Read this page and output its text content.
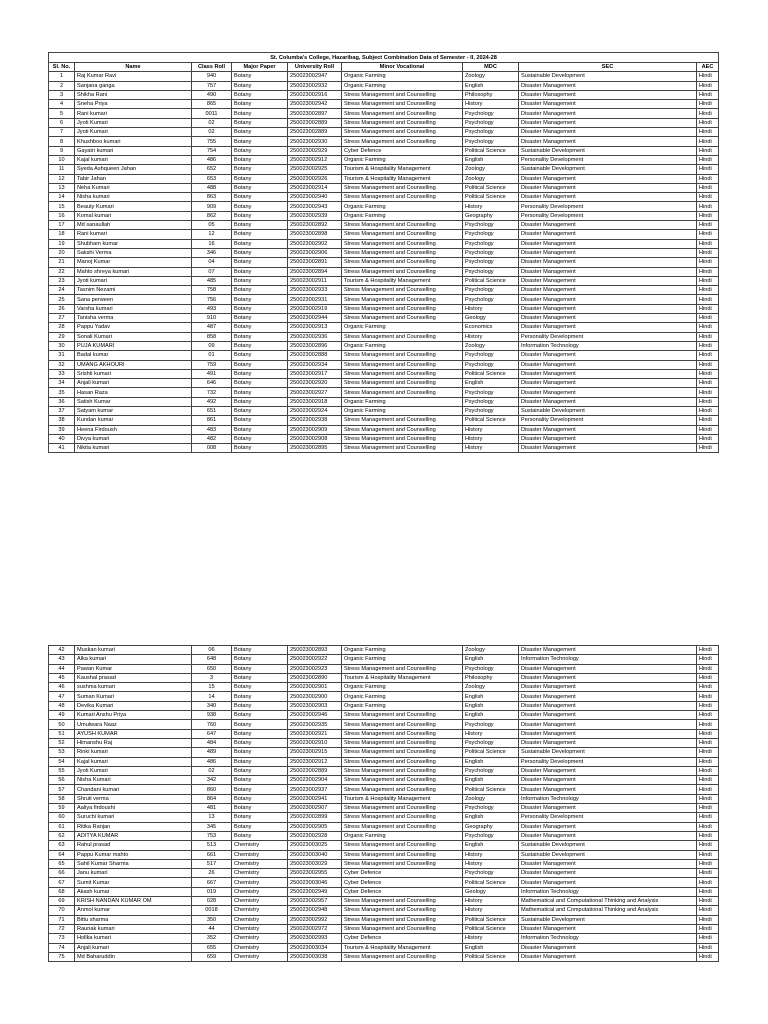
St. Columba's College, Hazaribag, Subject Combination Data of Semester - II, 2024-28								
Sl. No.	Name	Class Roll	Major Paper	University Roll	Minor Vocational	MDC	SEC	AEC
1	Raj Kumar Ravi	940	Botany	250023002947	Organic Farming	Zoology	Sustainable Development	Hindi
2	Sanjana ganga	757	Botany	250023002932	Organic Farming	English	Disaster Management	Hindi
3	Shikha Rani	490	Botany	250023002916	Stress Management and Counselling	Philosophy	Disaster Management	Hindi
4	Sneha Priya	865	Botany	250023002942	Stress Management and Counselling	History	Disaster Management	Hindi
5	Rani kumari	0011	Botany	250023002897	Stress Management and Counselling	Psychology	Disaster Management	Hindi
6	Jyoti Kumari	02	Botany	250023002889	Stress Management and Counselling	Psychology	Disaster Management	Hindi
7	Jyoti Kumari	02	Botany	250023002889	Stress Management and Counselling	Psychology	Disaster Management	Hindi
8	Khushboo kumari	755	Botany	250023002930	Stress Management and Counselling	Psychology	Disaster Management	Hindi
9	Gayatri kumari	754	Botany	250023002929	Cyber Defence	Political Science	Sustainable Development	Hindi
10	Kajal kumari	486	Botany	250023002912	Organic Farming	English	Personality Development	Hindi
11	Syeda Ashqueen Jahan	652	Botany	250023002925	Tourism & Hospitality Management	Zoology	Sustainable Development	Hindi
12	Tabir Jahan	653	Botany	250023002926	Tourism & Hospitality Management	Zoology	Disaster Management	Hindi
13	Neha Kumari	488	Botany	250023002914	Stress Management and Counselling	Political Science	Disaster Management	Hindi
14	Nisha kumari	863	Botany	250023002940	Stress Management and Counselling	Political Science	Disaster Management	Hindi
15	Beauty Kumari	909	Botany	250023002943	Organic Farming	History	Personality Development	Hindi
16	Komal kumari	862	Botany	250023002939	Organic Farming	Geography	Personality Development	Hindi
17	Md sanaullah	05	Botany	250023002892	Stress Management and Counselling	Psychology	Disaster Management	Hindi
18	Rani kumari	12	Botany	250023002898	Stress Management and Counselling	Psychology	Disaster Management	Hindi
19	Shubham kumar	16	Botany	250023002902	Stress Management and Counselling	Psychology	Disaster Management	Hindi
20	Sakshi Verma	346	Botany	250023002906	Stress Management and Counselling	Psychology	Disaster Management	Hindi
21	Manoj Kumar	04	Botany	250023002891	Stress Management and Counselling	Psychology	Disaster Management	Hindi
22	Mahto shreya kumari	07	Botany	250023002894	Stress Management and Counselling	Psychology	Disaster Management	Hindi
23	Jyoti kumari	485	Botany	250023002911	Tourism & Hospitality Management	Political Science	Disaster Management	Hindi
24	Tasnim Nezami	758	Botany	250023002933	Stress Management and Counselling	Psychology	Disaster Management	Hindi
25	Sana perween	756	Botany	250023002931	Stress Management and Counselling	Psychology	Disaster Management	Hindi
26	Varsha kumari	493	Botany	250023002919	Stress Management and Counselling	History	Disaster Management	Hindi
27	Tanisha verma	910	Botany	250023002944	Stress Management and Counselling	Geology	Disaster Management	Hindi
28	Pappu Yadav	487	Botany	250023002913	Organic Farming	Economics	Disaster Management	Hindi
29	Sonali Kumari	858	Botany	250023002936	Stress Management and Counselling	History	Personality Development	Hindi
30	PUJA KUMARI	09	Botany	250023002896	Organic Farming	Zoology	Information Technology	Hindi
31	Badal kumar	01	Botany	250023002888	Stress Management and Counselling	Psychology	Disaster Management	Hindi
32	UMANG AKHOURI	759	Botany	250023002934	Stress Management and Counselling	Psychology	Disaster Management	Hindi
33	Srishti kumari	491	Botany	250023002917	Stress Management and Counselling	Political Science	Disaster Management	Hindi
34	Anjali kumari	646	Botany	250023002920	Stress Management and Counselling	English	Disaster Management	Hindi
35	Hasan Raza	732	Botany	250023002927	Stress Management and Counselling	Psychology	Disaster Management	Hindi
36	Satish Kumar	492	Botany	250023002918	Organic Farming	Psychology	Disaster Management	Hindi
37	Satyam kumar	651	Botany	250023002924	Organic Farming	Psychology	Sustainable Development	Hindi
38	Kundan kumar	861	Botany	250023002938	Stress Management and Counselling	Political Science	Personality Development	Hindi
39	Heena Firdoush	483	Botany	250023002909	Stress Management and Counselling	History	Disaster Management	Hindi
40	Divya kumari	482	Botany	250023002908	Stress Management and Counselling	History	Disaster Management	Hindi
41	Nikita kumari	008	Botany	250023002895	Stress Management and Counselling	History	Disaster Management	Hindi
42	Muskan kumari	06	Botany	250023002893	Organic Farming	Zoology	Disaster Management	Hindi
43	Alka kumari	648	Botany	250023002922	Organic Farming	English	Information Technology	Hindi
44	Pawan Kumar	650	Botany	250023002923	Stress Management and Counselling	Psychology	Disaster Management	Hindi
45	Kaushal prasad	3	Botany	250023002890	Tourism & Hospitality Management	Philosophy	Disaster Management	Hindi
46	sushma kumari	15	Botany	250023002901	Organic Farming	Zoology	Disaster Management	Hindi
47	Suman Kumari	14	Botany	250023002900	Organic Farming	English	Disaster Management	Hindi
48	Devika Kumari	340	Botany	250023002903	Organic Farming	English	Disaster Management	Hindi
49	Kumari Anshu Priya	938	Botany	250023002946	Stress Management and Counselling	English	Disaster Management	Hindi
50	Umulwara Naaz	760	Botany	250023002935	Stress Management and Counselling	Psychology	Disaster Management	Hindi
51	AYUSH KUMAR	647	Botany	250023002921	Stress Management and Counselling	History	Disaster Management	Hindi
52	Himanshu Raj	484	Botany	250023002910	Stress Management and Counselling	Psychology	Disaster Management	Hindi
53	Rinki kumari	489	Botany	250023002915	Stress Management and Counselling	Political Science	Sustainable Development	Hindi
54	Kajal kumari	486	Botany	250023002912	Stress Management and Counselling	English	Personality Development	Hindi
55	Jyoti Kumari	02	Botany	250023002889	Stress Management and Counselling	Psychology	Disaster Management	Hindi
56	Nisha Kumari	342	Botany	250023002904	Stress Management and Counselling	English	Disaster Management	Hindi
57	Chandani kumari	860	Botany	250023002937	Stress Management and Counselling	Political Science	Disaster Management	Hindi
58	Shruti verma	864	Botany	250023002941	Tourism & Hospitality Management	Zoology	Information Technology	Hindi
59	Aaliya firdoushi	481	Botany	250023002907	Stress Management and Counselling	Psychology	Disaster Management	Hindi
60	Suruchi kumari	13	Botany	250023002899	Stress Management and Counselling	English	Personality Development	Hindi
61	Ritika Ranjan	345	Botany	250023002905	Stress Management and Counselling	Geography	Disaster Management	Hindi
62	ADITYA KUMAR	753	Botany	250023002928	Organic Farming	Psychology	Disaster Management	Hindi
63	Rahul prasad	513	Chemistry	250023003025	Stress Management and Counselling	English	Sustainable Development	Hindi
64	Pappu Kumar mahto	661	Chemistry	250023003040	Stress Management and Counselling	History	Sustainable Development	Hindi
65	Sahil Kumar Sharma	517	Chemistry	250023003029	Stress Management and Counselling	History	Disaster Management	Hindi
66	Janu kumari	26	Chemistry	250023002955	Cyber Defence	Psychology	Disaster Management	Hindi
67	Sumit Kumar	667	Chemistry	250023003046	Cyber Defence	Political Science	Disaster Management	Hindi
68	Akash kumar	019	Chemistry	250023002949	Cyber Defence	Geology	Information Technology	Hindi
69	KRISH NANDAN KUMAR OM	028	Chemistry	250023002957	Stress Management and Counselling	History	Mathematical and Computational Thinking and Analysis	Hindi
70	Anmol kumar	0018	Chemistry	250023002948	Stress Management and Counselling	History	Mathematical and Computational Thinking and Analysis	Hindi
71	Bittu sharma	350	Chemistry	250023002992	Stress Management and Counselling	Political Science	Sustainable Development	Hindi
72	Raunak kumari	44	Chemistry	250023002972	Stress Management and Counselling	Political Science	Disaster Management	Hindi
73	Hollka kumari	352	Chemistry	250023002993	Cyber Defence	History	Information Technology	Hindi
74	Anjali kumari	655	Chemistry	250023003034	Tourism & Hospitality Management	English	Disaster Management	Hindi
75	Md Baharuddin	659	Chemistry	250023003038	Stress Management and Counselling	Political Science	Disaster Management	Hindi
